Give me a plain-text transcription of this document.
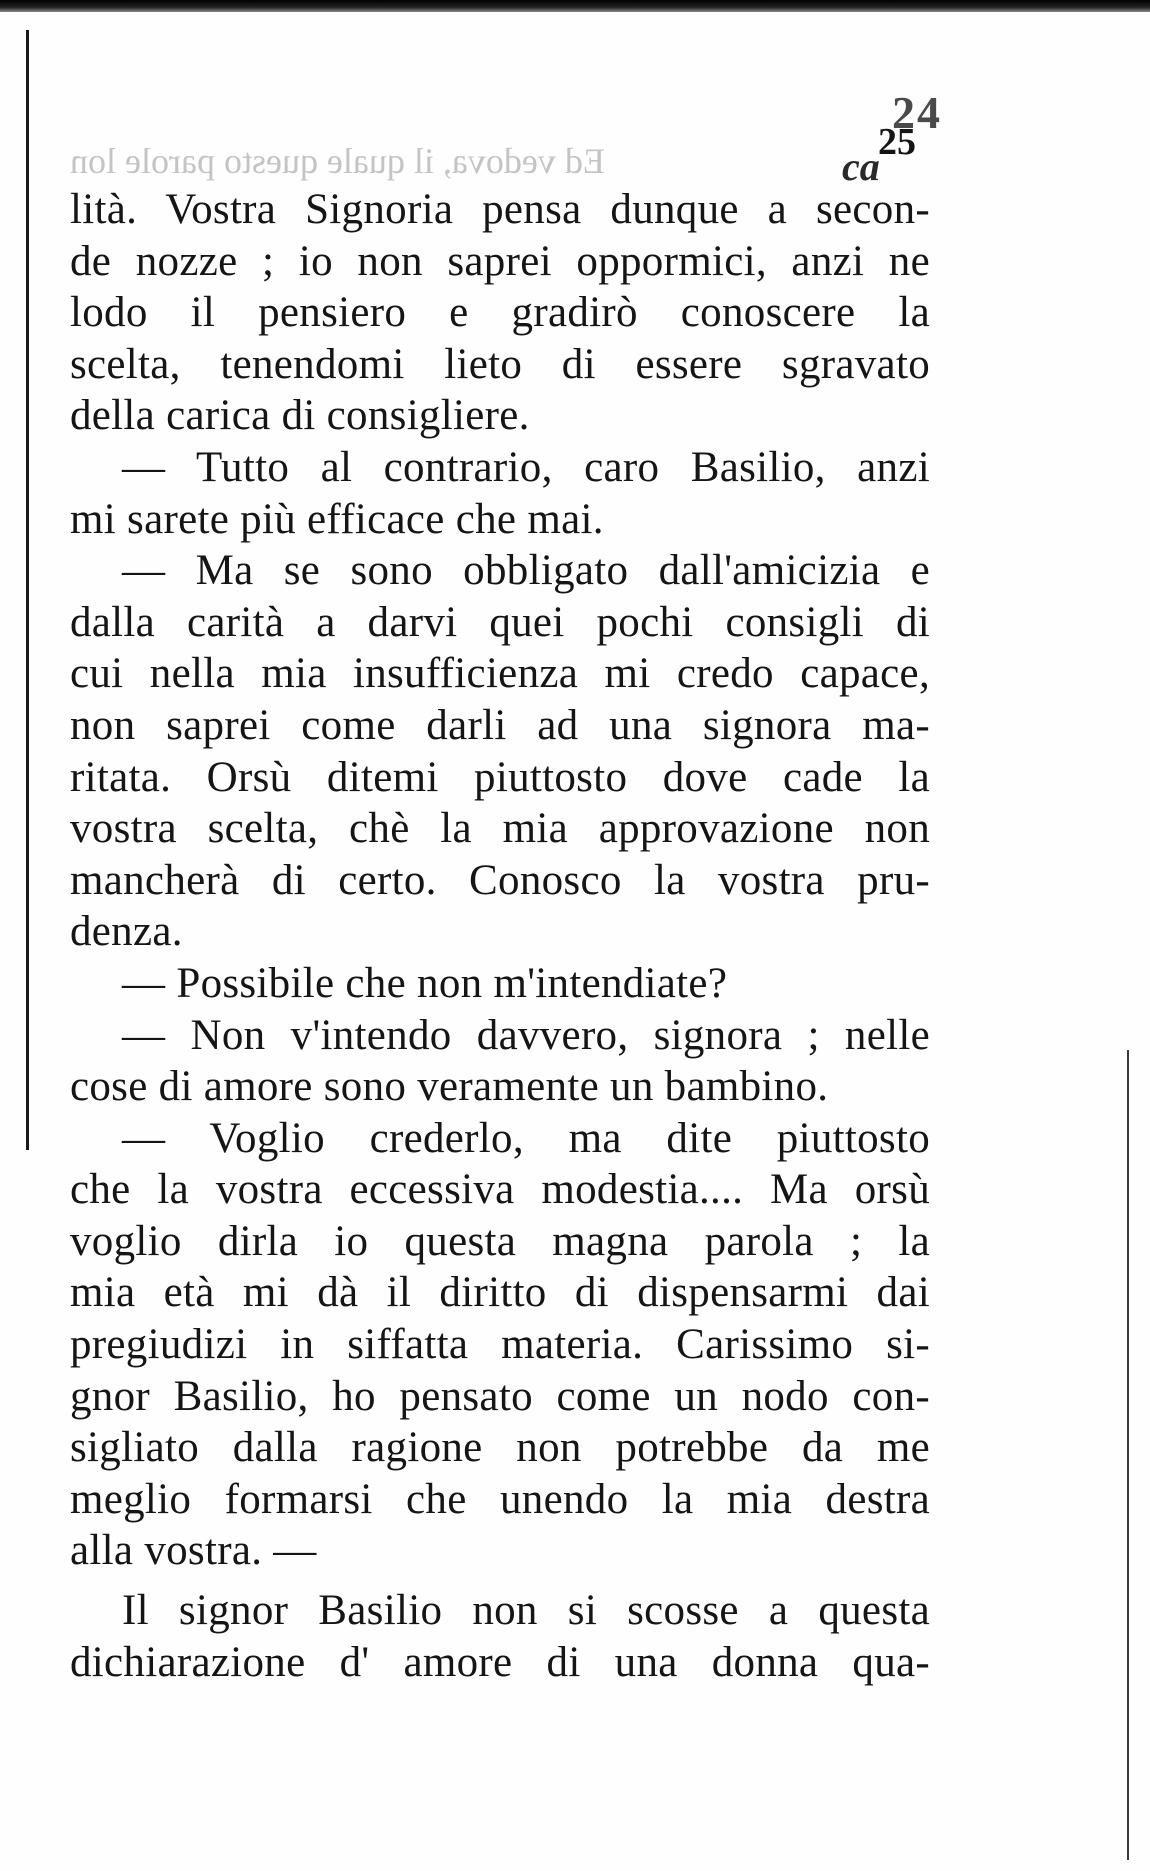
24
25
Ed vedova, il quale questo parole lon	ca
lità. Vostra Signoria pensa dunque a secon-
de nozze ; io non saprei oppormici, anzi ne
lodo il pensiero e gradirò conoscere la
scelta, tenendomi lieto di essere sgravato
della carica di consigliere.
— Tutto al contrario, caro Basilio, anzi
mi sarete più efficace che mai.
— Ma se sono obbligato dall'amicizia e
dalla carità a darvi quei pochi consigli di
cui nella mia insufficienza mi credo capace,
non saprei come darli ad una signora ma-
ritata. Orsù ditemi piuttosto dove cade la
vostra scelta, chè la mia approvazione non
mancherà di certo. Conosco la vostra pru-
denza.
— Possibile che non m'intendiate?
— Non v'intendo davvero, signora ; nelle
cose di amore sono veramente un bambino.
— Voglio crederlo, ma dite piuttosto
che la vostra eccessiva modestia.... Ma orsù
voglio dirla io questa magna parola ; la
mia età mi dà il diritto di dispensarmi dai
pregiudizi in siffatta materia. Carissimo si-
gnor Basilio, ho pensato come un nodo con-
sigliato dalla ragione non potrebbe da me
meglio formarsi che unendo la mia destra
alla vostra. —
Il signor Basilio non si scosse a questa
dichiarazione d' amore di una donna qua-
